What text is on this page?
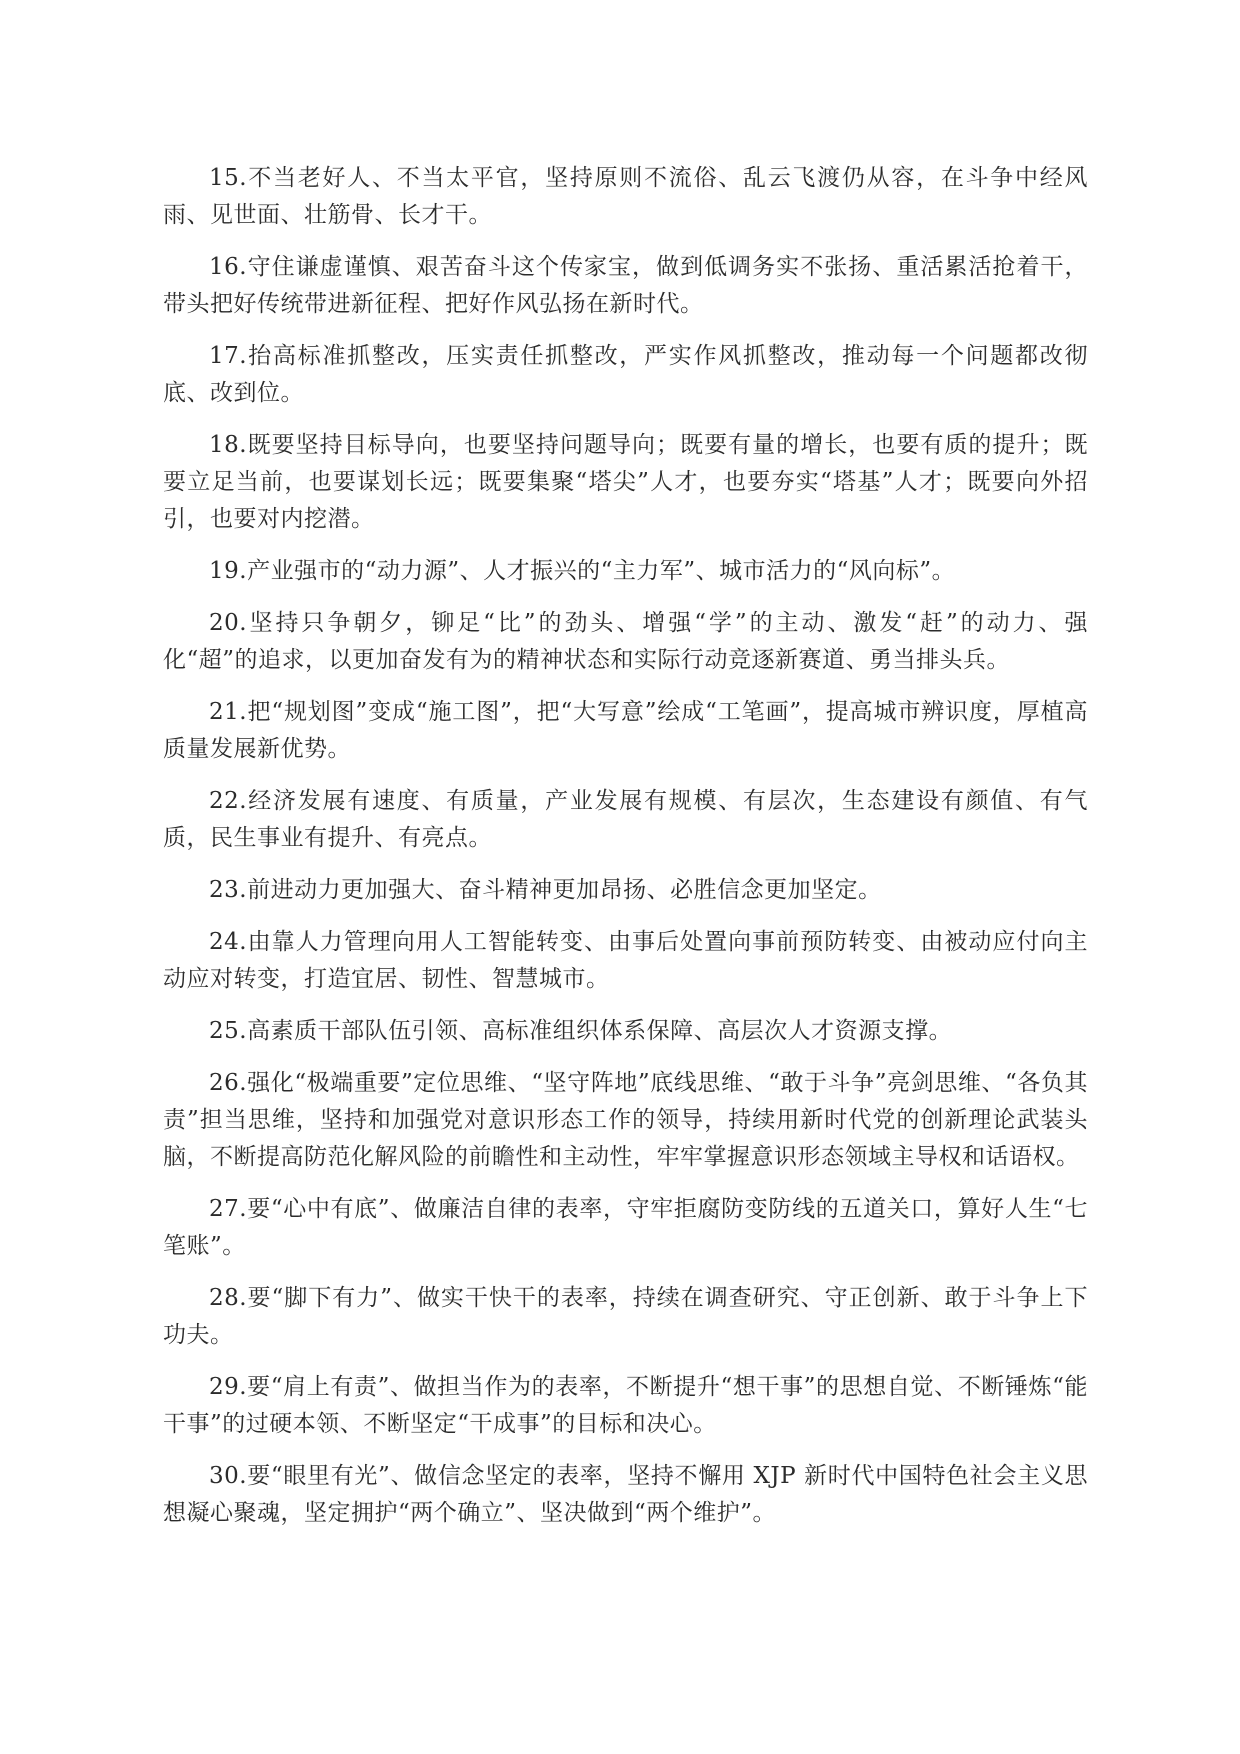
15.不当老好人、不当太平官，坚持原则不流俗、乱云飞渡仍从容，在斗争中经风雨、见世面、壮筋骨、长才干。

16.守住谦虚谨慎、艰苦奋斗这个传家宝，做到低调务实不张扬、重活累活抢着干，带头把好传统带进新征程、把好作风弘扬在新时代。

17.抬高标准抓整改，压实责任抓整改，严实作风抓整改，推动每一个问题都改彻底、改到位。

18.既要坚持目标导向，也要坚持问题导向；既要有量的增长，也要有质的提升；既要立足当前，也要谋划长远；既要集聚“塔尖”人才，也要夯实“塔基”人才；既要向外招引，也要对内挖潜。

19.产业强市的“动力源”、人才振兴的“主力军”、城市活力的“风向标”。

20.坚持只争朝夕，铆足“比”的劲头、增强“学”的主动、激发“赶”的动力、强化“超”的追求，以更加奋发有为的精神状态和实际行动竞逐新赛道、勇当排头兵。

21.把“规划图”变成“施工图”，把“大写意”绘成“工笔画”，提高城市辨识度，厚植高质量发展新优势。

22.经济发展有速度、有质量，产业发展有规模、有层次，生态建设有颜值、有气质，民生事业有提升、有亮点。

23.前进动力更加强大、奋斗精神更加昂扬、必胜信念更加坚定。

24.由靠人力管理向用人工智能转变、由事后处置向事前预防转变、由被动应付向主动应对转变，打造宜居、韧性、智慧城市。

25.高素质干部队伍引领、高标准组织体系保障、高层次人才资源支撑。

26.强化“极端重要”定位思维、“坚守阵地”底线思维、“敢于斗争”亮剑思维、“各负其责”担当思维，坚持和加强党对意识形态工作的领导，持续用新时代党的创新理论武装头脑，不断提高防范化解风险的前瞻性和主动性，牢牢掌握意识形态领域主导权和话语权。

27.要“心中有底”、做廉洁自律的表率，守牢拒腐防变防线的五道关口，算好人生“七笔账”。

28.要“脚下有力”、做实干快干的表率，持续在调查研究、守正创新、敢于斗争上下功夫。

29.要“肩上有责”、做担当作为的表率，不断提升“想干事”的思想自觉、不断锤炼“能干事”的过硬本领、不断坚定“干成事”的目标和决心。

30.要“眼里有光”、做信念坚定的表率，坚持不懈用 XJP 新时代中国特色社会主义思想凝心聚魂，坚定拥护“两个确立”、坚决做到“两个维护”。
